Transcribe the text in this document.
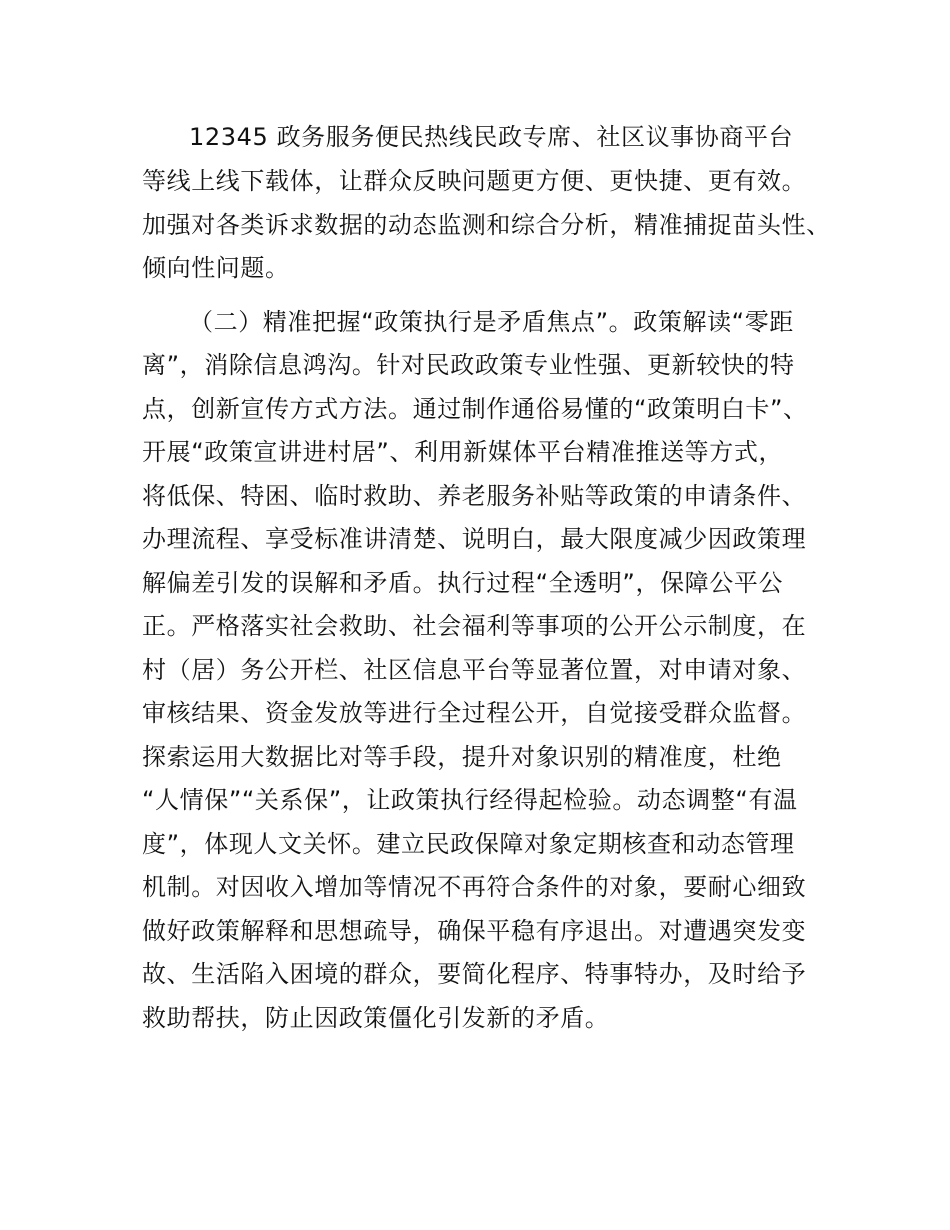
12345 政务服务便民热线民政专席、社区议事协商平台
等线上线下载体，让群众反映问题更方便、更快捷、更有效。
加强对各类诉求数据的动态监测和综合分析，精准捕捉苗头性、
倾向性问题。
（二）精准把握“政策执行是矛盾焦点”。政策解读“零距
离”，消除信息鸿沟。针对民政政策专业性强、更新较快的特
点，创新宣传方式方法。通过制作通俗易懂的“政策明白卡”、
开展“政策宣讲进村居”、利用新媒体平台精准推送等方式，
将低保、特困、临时救助、养老服务补贴等政策的申请条件、
办理流程、享受标准讲清楚、说明白，最大限度减少因政策理
解偏差引发的误解和矛盾。执行过程“全透明”，保障公平公
正。严格落实社会救助、社会福利等事项的公开公示制度，在
村（居）务公开栏、社区信息平台等显著位置，对申请对象、
审核结果、资金发放等进行全过程公开，自觉接受群众监督。
探索运用大数据比对等手段，提升对象识别的精准度，杜绝
“人情保”“关系保”，让政策执行经得起检验。动态调整“有温
度”，体现人文关怀。建立民政保障对象定期核查和动态管理
机制。对因收入增加等情况不再符合条件的对象，要耐心细致
做好政策解释和思想疏导，确保平稳有序退出。对遭遇突发变
故、生活陷入困境的群众，要简化程序、特事特办，及时给予
救助帮扶，防止因政策僵化引发新的矛盾。
